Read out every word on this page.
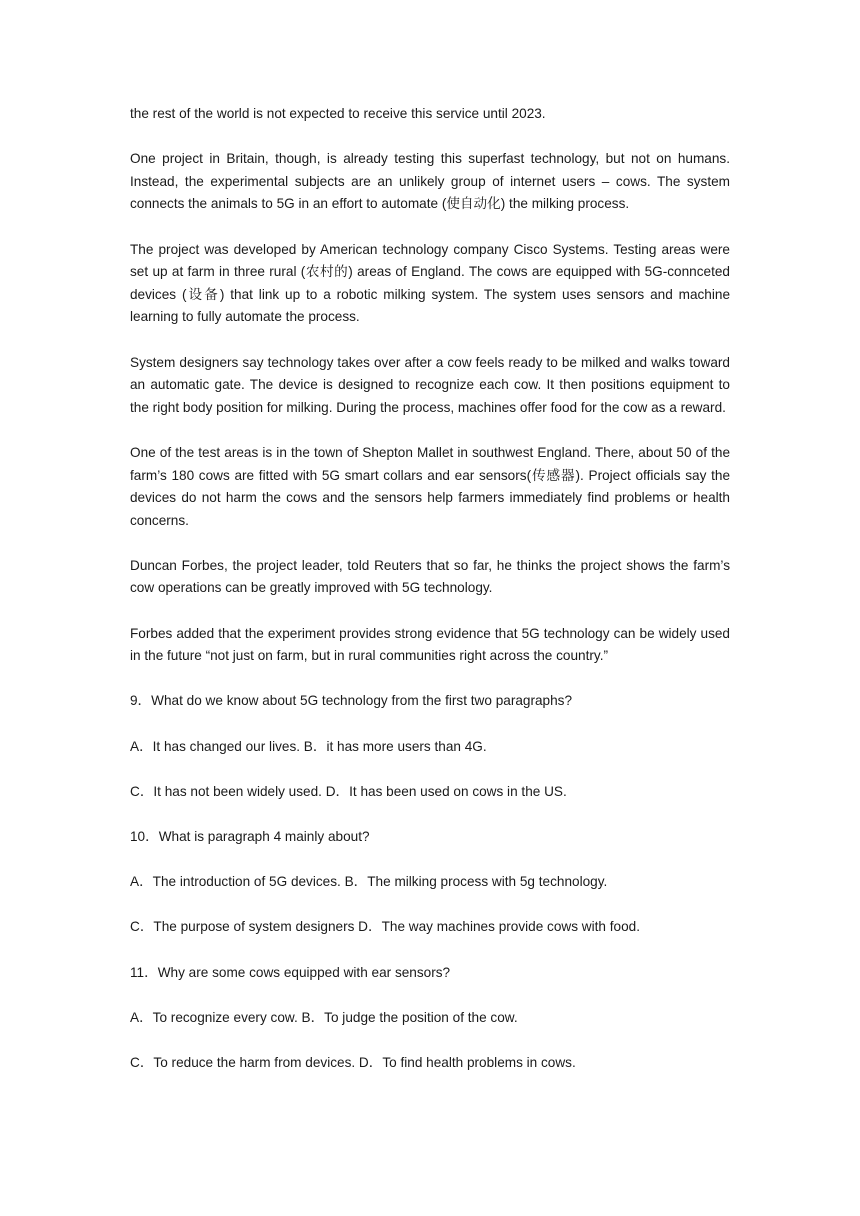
the rest of the world is not expected to receive this service until 2023.

One project in Britain, though, is already testing this superfast technology, but not on humans. Instead, the experimental subjects are an unlikely group of internet users – cows. The system connects the animals to 5G in an effort to automate (使自动化) the milking process.

The project was developed by American technology company Cisco Systems. Testing areas were set up at farm in three rural (农村的) areas of England. The cows are equipped with 5G-connceted devices (设备) that link up to a robotic milking system. The system uses sensors and machine learning to fully automate the process.

System designers say technology takes over after a cow feels ready to be milked and walks toward an automatic gate. The device is designed to recognize each cow. It then positions equipment to the right body position for milking. During the process, machines offer food for the cow as a reward.

One of the test areas is in the town of Shepton Mallet in southwest England. There, about 50 of the farm’s 180 cows are fitted with 5G smart collars and ear sensors(传感器). Project officials say the devices do not harm the cows and the sensors help farmers immediately find problems or health concerns.

Duncan Forbes, the project leader, told Reuters that so far, he thinks the project shows the farm’s cow operations can be greatly improved with 5G technology.

Forbes added that the experiment provides strong evidence that 5G technology can be widely used in the future “not just on farm, but in rural communities right across the country.”

9．What do we know about 5G technology from the first two paragraphs?

A．It has changed our lives. B．it has more users than 4G.

C．It has not been widely used. D．It has been used on cows in the US.

10．What is paragraph 4 mainly about?

A．The introduction of 5G devices. B．The milking process with 5g technology.

C．The purpose of system designers D．The way machines provide cows with food.

11．Why are some cows equipped with ear sensors?

A．To recognize every cow. B．To judge the position of the cow.

C．To reduce the harm from devices. D．To find health problems in cows.
